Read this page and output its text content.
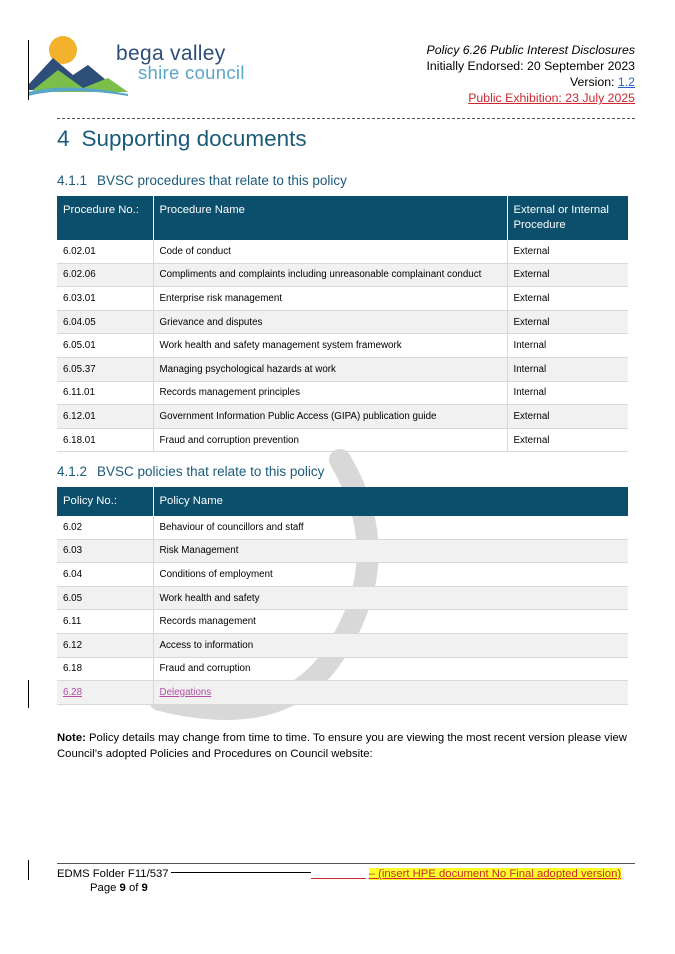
bega valley
shire council
Policy 6.26 Public Interest Disclosures
Initially Endorsed: 20 September 2023
Version: 1.2
Public Exhibition: 23 July 2025
4 Supporting documents
4.1.1 BVSC procedures that relate to this policy
Procedure No.:	Procedure Name	External or Internal Procedure
6.02.01	Code of conduct	External
6.02.06	Compliments and complaints including unreasonable complainant conduct	External
6.03.01	Enterprise risk management	External
6.04.05	Grievance and disputes	External
6.05.01	Work health and safety management system framework	Internal
6.05.37	Managing psychological hazards at work	Internal
6.11.01	Records management principles	Internal
6.12.01	Government Information Public Access (GIPA) publication guide	External
6.18.01	Fraud and corruption prevention	External
4.1.2 BVSC policies that relate to this policy
Policy No.:	Policy Name
6.02	Behaviour of councillors and staff
6.03	Risk Management
6.04	Conditions of employment
6.05	Work health and safety
6.11	Records management
6.12	Access to information
6.18	Fraud and corruption
6.28	Delegations
Note: Policy details may change from time to time. To ensure you are viewing the most recent version please view Council’s adopted Policies and Procedures on Council website:
EDMS Folder F11/537	– (insert HPE document No Final adopted version)
Page 9 of 9
